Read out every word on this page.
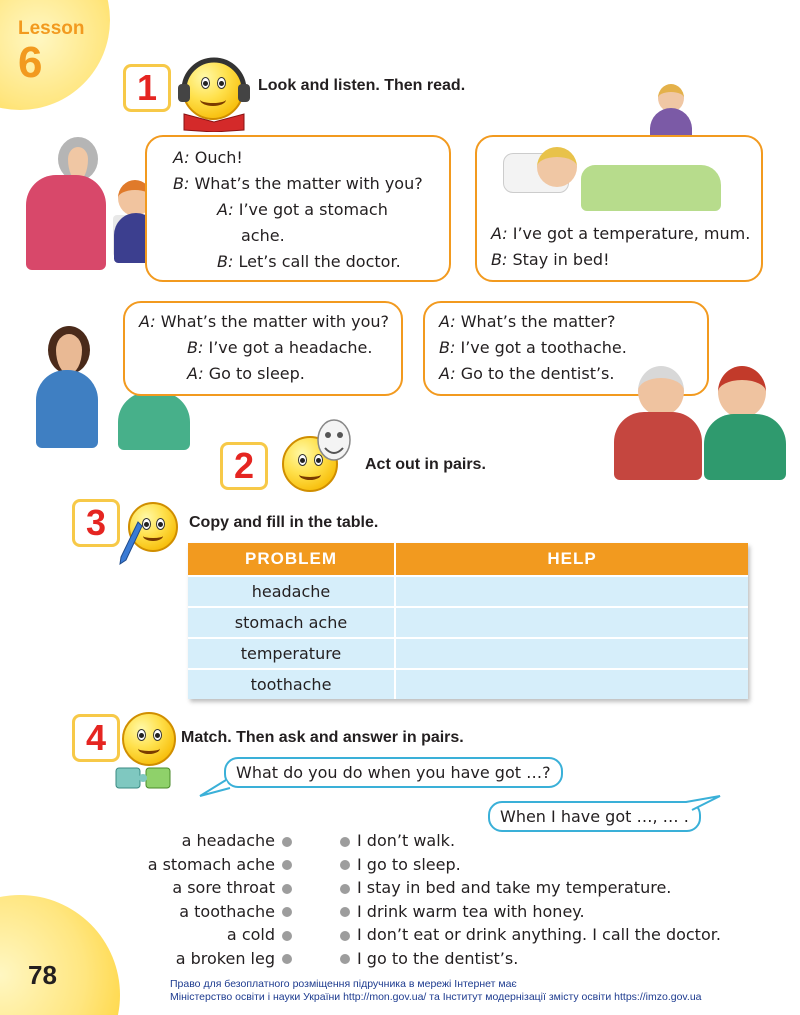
Lesson
6
1	Look and listen. Then read.
A: Ouch!
B: What’s the matter with you?
A: I’ve got a stomach
ache.
B: Let’s call the doctor.
A: I’ve got a temperature, mum.
B: Stay in bed!
A: What’s the matter with you?
B: I’ve got a headache.
A: Go to sleep.
A: What’s the matter?
B: I’ve got a toothache.
A: Go to the dentist’s.
2	Act out in pairs.
3	Copy and fill in the table.
PROBLEM	HELP
headache	
stomach ache	
temperature	
toothache	
4	Match. Then ask and answer in pairs.
What do you do when you have got …?
When I have got …, … .
a headache
a stomach ache
a sore throat
a toothache
a cold
a broken leg
I don’t walk.
I go to sleep.
I stay in bed and take my temperature.
I drink warm tea with honey.
I don’t eat or drink anything. I call the doctor.
I go to the dentist’s.
78	Право для безоплатного розміщення підручника в мережі Інтернет має
Міністерство освіти і науки України http://mon.gov.ua/ та Інститут модернізації змісту освіти https://imzo.gov.ua
